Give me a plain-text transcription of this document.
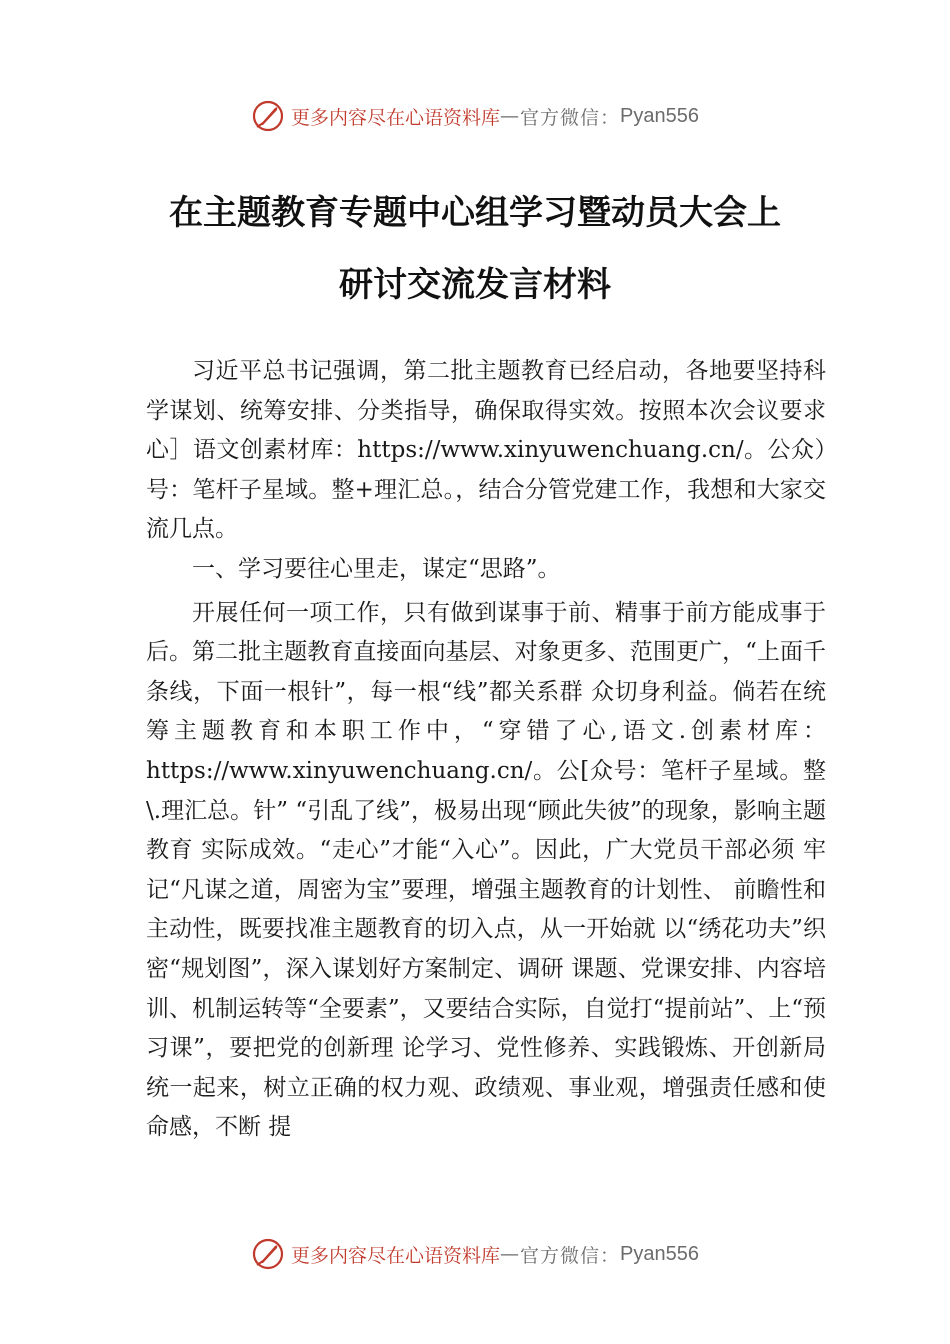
更多内容尽在心语资料库 — 官方微信： Pyan556
在主题教育专题中心组学习暨动员大会上
研讨交流发言材料

习近平总书记强调，第二批主题教育已经启动，各地要坚持科学谋划、统筹安排、分类指导，确保取得实效。按照本次会议要求心］语文创素材库：https://www.xinyuwenchuang.cn/。公众）号：笔杆子星域。整+理汇总。，结合分管党建工作，我想和大家交流几点。

一、学习要往心里走，谋定“思路”。

开展任何一项工作，只有做到谋事于前、精事于前方能成事于后。第二批主题教育直接面向基层、对象更多、范围更广，“上面千条线，下面一根针”，每一根“线”都关系群 众切身利益。倘若在统筹主题教育和本职工作中，“穿错了心,语文.创素材库：https://www.xinyuwenchuang.cn/。公[众号：笔杆子星域。整\.理汇总。针” “引乱了线”，极易出现“顾此失彼”的现象，影响主题教育 实际成效。“走心”才能“入心”。因此，广大党员干部必须 牢记“凡谋之道，周密为宝”要理，增强主题教育的计划性、 前瞻性和主动性，既要找准主题教育的切入点，从一开始就 以“绣花功夫”织密“规划图”，深入谋划好方案制定、调研 课题、党课安排、内容培训、机制运转等“全要素”，又要结合实际，自觉打“提前站”、上“预习课”，要把党的创新理 论学习、党性修养、实践锻炼、开创新局统一起来，树立正确的权力观、政绩观、事业观，增强责任感和使命感，不断 提

更多内容尽在心语资料库 — 官方微信： Pyan556
